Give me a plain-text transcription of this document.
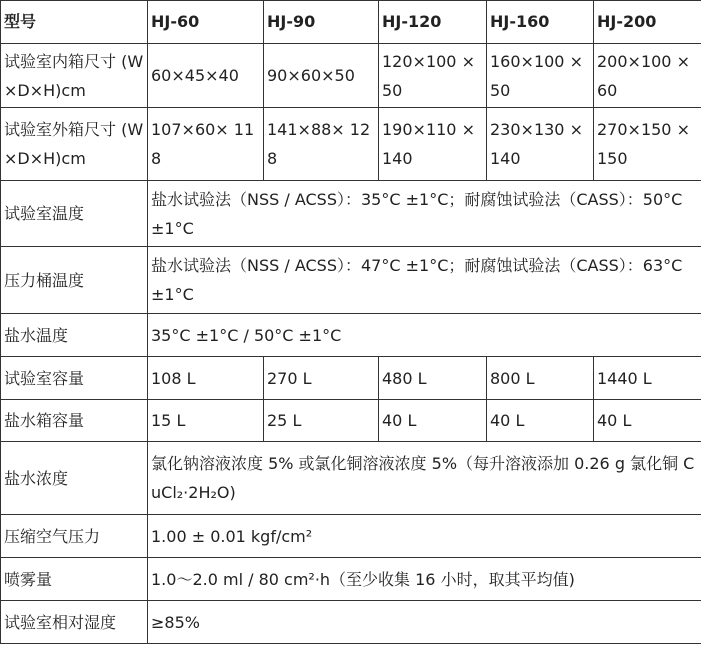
型号	HJ-60	HJ-90	HJ-120	HJ-160	HJ-200
试验室内箱尺寸 (W×D×H)cm	60×45×40	90×60×50	120×100 ×50	160×100 ×50	200×100 ×60
试验室外箱尺寸 (W×D×H)cm	107×60× 118	141×88× 128	190×110 ×140	230×130 ×140	270×150 ×150
试验室温度	盐水试验法（NSS / ACSS）：35°C ±1°C；耐腐蚀试验法（CASS）：50°C ±1°C				
压力桶温度	盐水试验法（NSS / ACSS）：47°C ±1°C；耐腐蚀试验法（CASS）：63°C ±1°C				
盐水温度	35°C ±1°C / 50°C ±1°C				
试验室容量	108 L	270 L	480 L	800 L	1440 L
盐水箱容量	15 L	25 L	40 L	40 L	40 L
盐水浓度	氯化钠溶液浓度 5% 或氯化铜溶液浓度 5%（每升溶液添加 0.26 g 氯化铜 CuCl₂·2H₂O)				
压缩空气压力	1.00 ± 0.01 kgf/cm²				
喷雾量	1.0～2.0 ml / 80 cm²·h（至少收集 16 小时，取其平均值)				
试验室相对湿度	≥85%				
